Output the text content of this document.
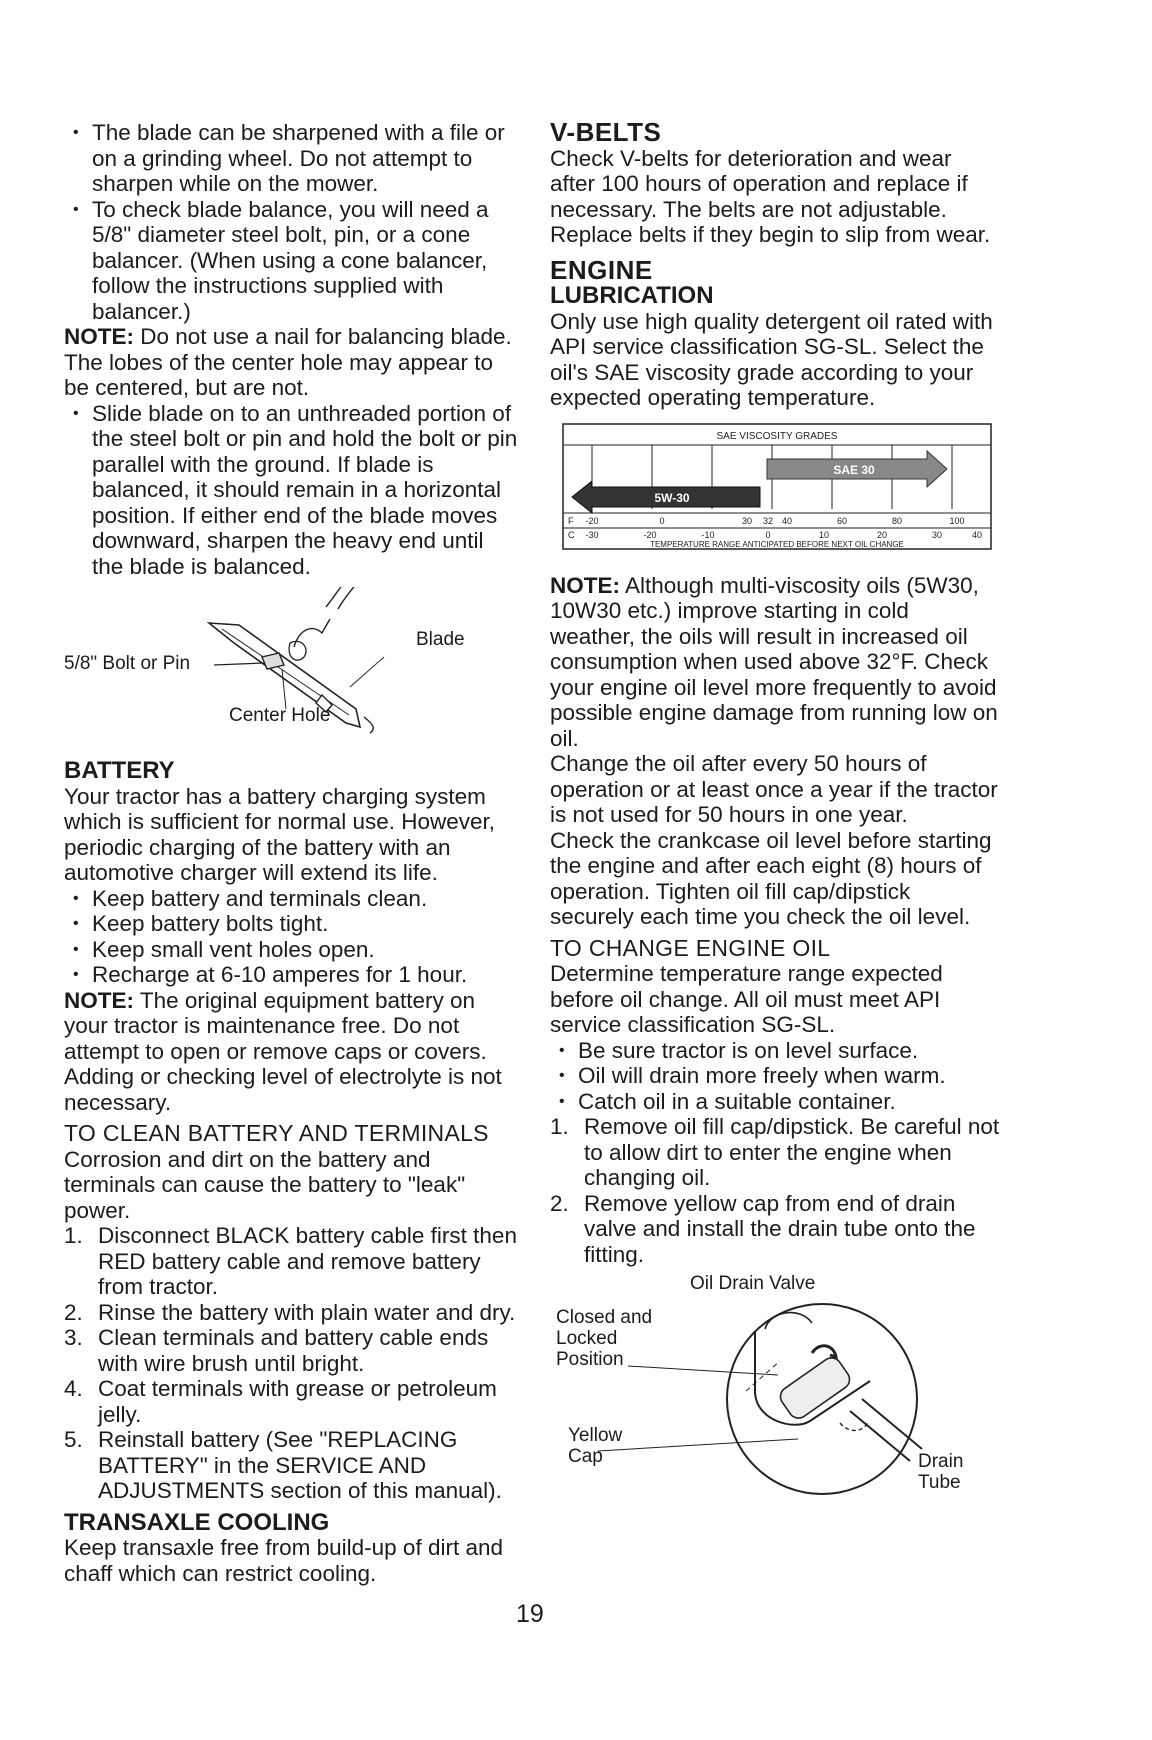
• The blade can be sharpened with a file or on a grinding wheel. Do not attempt to sharpen while on the mower.

• To check blade balance, you will need a 5/8" diameter steel bolt, pin, or a cone balancer. (When using a cone balancer, follow the instructions supplied with balancer.)

NOTE: Do not use a nail for balancing blade. The lobes of the center hole may appear to be centered, but are not.

• Slide blade on to an unthreaded portion of the steel bolt or pin and hold the bolt or pin parallel with the ground. If blade is balanced, it should remain in a horizontal position. If either end of the blade moves downward, sharpen the heavy end until the blade is balanced.

5/8" Bolt or Pin
Blade
Center Hole

BATTERY

Your tractor has a battery charging system which is sufficient for normal use. However, periodic charging of the battery with an automotive charger will extend its life.

• Keep battery and terminals clean.

• Keep battery bolts tight.

• Keep small vent holes open.

• Recharge at 6-10 amperes for 1 hour.

NOTE: The original equipment battery on your tractor is maintenance free. Do not attempt to open or remove caps or covers. Adding or checking level of electrolyte is not necessary.

TO CLEAN BATTERY AND TERMINALS

Corrosion and dirt on the battery and terminals can cause the battery to "leak" power.

1. Disconnect BLACK battery cable first then RED battery cable and remove battery from tractor.

2. Rinse the battery with plain water and dry.

3. Clean terminals and battery cable ends with wire brush until bright.

4. Coat terminals with grease or petroleum jelly.

5. Reinstall battery (See "REPLACING BATTERY" in the SERVICE AND ADJUSTMENTS section of this manual).

TRANSAXLE COOLING

Keep transaxle free from build-up of dirt and chaff which can restrict cooling.

V-BELTS

Check V-belts for deterioration and wear after 100 hours of operation and replace if necessary. The belts are not adjustable. Replace belts if they begin to slip from wear.

ENGINE

LUBRICATION

Only use high quality detergent oil rated with API service classification SG-SL. Select the oil's SAE viscosity grade according to your expected operating temperature.

SAE VISCOSITY GRADES
SAE 30
5W-30
F -20	0	30 32 40	60	80	100
C -30	-20	-10	0	10	20	30	40
TEMPERATURE RANGE ANTICIPATED BEFORE NEXT OIL CHANGE

NOTE: Although multi-viscosity oils (5W30, 10W30 etc.) improve starting in cold weather, the oils will result in increased oil consumption when used above 32°F. Check your engine oil level more frequently to avoid possible engine damage from running low on oil.

Change the oil after every 50 hours of operation or at least once a year if the tractor is not used for 50 hours in one year.

Check the crankcase oil level before starting the engine and after each eight (8) hours of operation. Tighten oil fill cap/dipstick securely each time you check the oil level.

TO CHANGE ENGINE OIL

Determine temperature range expected before oil change. All oil must meet API service classification SG-SL.

• Be sure tractor is on level surface.

• Oil will drain more freely when warm.

• Catch oil in a suitable container.

1. Remove oil fill cap/dipstick. Be careful not to allow dirt to enter the engine when changing oil.

2. Remove yellow cap from end of drain valve and install the drain tube onto the fitting.

Oil Drain Valve
Closed and Locked Position
Yellow Cap	Drain Tube
19
